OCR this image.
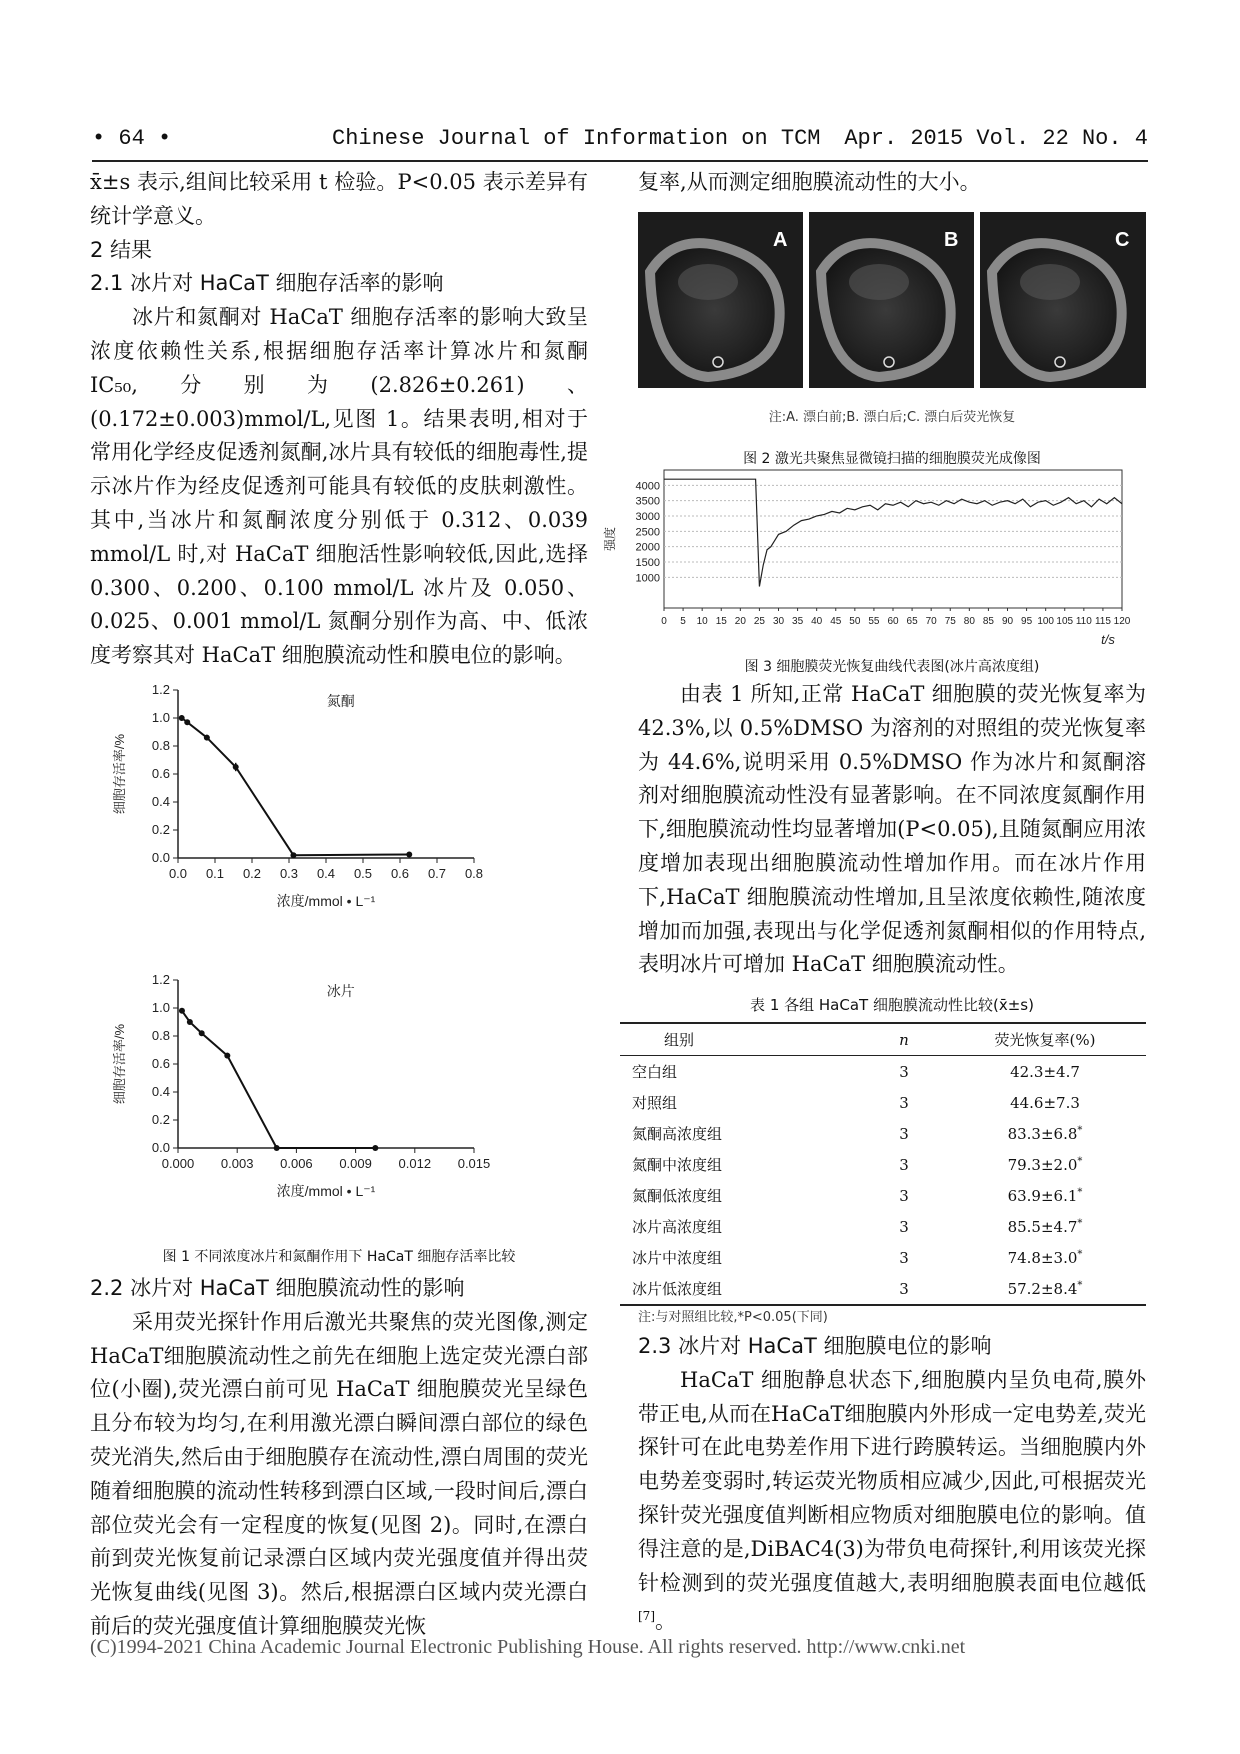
• 64 •	Chinese Journal of Information on TCM Apr. 2015 Vol. 22 No. 4

x̄±s 表示,组间比较采用 t 检验。P<0.05 表示差异有统计学意义。

2 结果

2.1 冰片对 HaCaT 细胞存活率的影响

冰片和氮酮对 HaCaT 细胞存活率的影响大致呈浓度依赖性关系,根据细胞存活率计算冰片和氮酮 IC₅₀,分别为(2.826±0.261)、(0.172±0.003)mmol/L,见图 1。结果表明,相对于常用化学经皮促透剂氮酮,冰片具有较低的细胞毒性,提示冰片作为经皮促透剂可能具有较低的皮肤刺激性。其中,当冰片和氮酮浓度分别低于 0.312、0.039 mmol/L 时,对 HaCaT 细胞活性影响较低,因此,选择 0.300、0.200、0.100 mmol/L 冰片及 0.050、0.025、0.001 mmol/L 氮酮分别作为高、中、低浓度考察其对 HaCaT 细胞膜流动性和膜电位的影响。

0.0
0.2
0.4
0.6
0.8
1.0
1.2
0.0 0.1 0.2 0.3 0.4 0.5 0.6 0.7 0.8
氮酮
浓度/mmol • L⁻¹
细胞存活率/%
0.0
0.2
0.4
0.6
0.8
1.0
1.2
0.000 0.003 0.006 0.009 0.012 0.015
冰片
浓度/mmol • L⁻¹
细胞存活率/%
图 1 不同浓度冰片和氮酮作用下 HaCaT 细胞存活率比较

2.2 冰片对 HaCaT 细胞膜流动性的影响

采用荧光探针作用后激光共聚焦的荧光图像,测定HaCaT细胞膜流动性之前先在细胞上选定荧光漂白部位(小圈),荧光漂白前可见 HaCaT 细胞膜荧光呈绿色且分布较为均匀,在利用激光漂白瞬间漂白部位的绿色荧光消失,然后由于细胞膜存在流动性,漂白周围的荧光随着细胞膜的流动性转移到漂白区域,一段时间后,漂白部位荧光会有一定程度的恢复(见图 2)。同时,在漂白前到荧光恢复前记录漂白区域内荧光强度值并得出荧光恢复曲线(见图 3)。然后,根据漂白区域内荧光漂白前后的荧光强度值计算细胞膜荧光恢

复率,从而测定细胞膜流动性的大小。

A	B	C
注:A. 漂白前;B. 漂白后;C. 漂白后荧光恢复
图 2 激光共聚焦显微镜扫描的细胞膜荧光成像图
1000
1500
2000
2500
3000
3500
4000
0 5 10 15 20 25 30 35 40 45 50 55 60 65 70 75 80 85 90 95 100 105 110 115 120
t/s
强度
图 3 细胞膜荧光恢复曲线代表图(冰片高浓度组)

由表 1 所知,正常 HaCaT 细胞膜的荧光恢复率为 42.3%,以 0.5%DMSO 为溶剂的对照组的荧光恢复率为 44.6%,说明采用 0.5%DMSO 作为冰片和氮酮溶剂对细胞膜流动性没有显著影响。在不同浓度氮酮作用下,细胞膜流动性均显著增加(P<0.05),且随氮酮应用浓度增加表现出细胞膜流动性增加作用。而在冰片作用下,HaCaT 细胞膜流动性增加,且呈浓度依赖性,随浓度增加而加强,表现出与化学促透剂氮酮相似的作用特点,表明冰片可增加 HaCaT 细胞膜流动性。

表 1 各组 HaCaT 细胞膜流动性比较(x̄±s)
组别	n	荧光恢复率(%)
空白组	3	42.3±4.7
对照组	3	44.6±7.3
氮酮高浓度组	3	83.3±6.8*
氮酮中浓度组	3	79.3±2.0*
氮酮低浓度组	3	63.9±6.1*
冰片高浓度组	3	85.5±4.7*
冰片中浓度组	3	74.8±3.0*
冰片低浓度组	3	57.2±8.4*
注:与对照组比较,*P<0.05(下同)

2.3 冰片对 HaCaT 细胞膜电位的影响

HaCaT 细胞静息状态下,细胞膜内呈负电荷,膜外带正电,从而在HaCaT细胞膜内外形成一定电势差,荧光探针可在此电势差作用下进行跨膜转运。当细胞膜内外电势差变弱时,转运荧光物质相应减少,因此,可根据荧光探针荧光强度值判断相应物质对细胞膜电位的影响。值得注意的是,DiBAC4(3)为带负电荷探针,利用该荧光探针检测到的荧光强度值越大,表明细胞膜表面电位越低[7]。

(C)1994-2021 China Academic Journal Electronic Publishing House. All rights reserved. http://www.cnki.net
